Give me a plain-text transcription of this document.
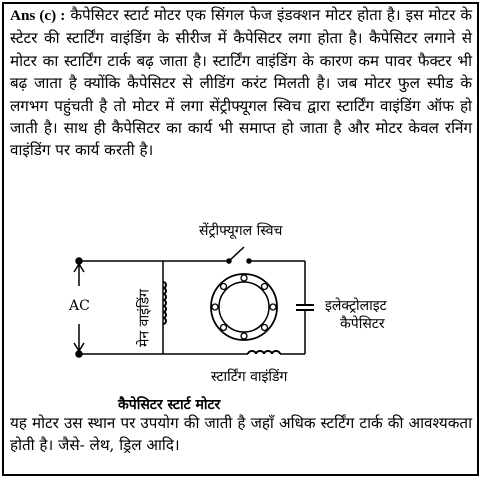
Ans (c) : कैपेसिटर स्टार्ट मोटर एक सिंगल फेज इंडक्शन मोटर होता है। इस मोटर के स्टेटर की स्टार्टिंग वाइंडिंग के सीरीज में कैपेसिटर लगा होता है। कैपेसिटर लगाने से मोटर का स्टार्टिंग टार्क बढ़ जाता है। स्टार्टिंग वाइंडिंग के कारण कम पावर फैक्टर भी बढ़ जाता है क्योंकि कैपेसिटर से लीडिंग करंट मिलती है। जब मोटर फुल स्पीड के लगभग पहुंचती है तो मोटर में लगा सेंट्रीफ्यूगल स्विच द्वारा स्टार्टिंग वाइंडिंग ऑफ हो जाती है। साथ ही कैपेसिटर का कार्य भी समाप्त हो जाता है और मोटर केवल रनिंग वाइंडिंग पर कार्य करती है।

सेंट्रीफ्यूगल स्विच
AC	मेन वाइंडिंग	इलेक्ट्रोलाइट
कैपेसिटर
स्टार्टिंग वाइंडिंग
कैपेसिटर स्टार्ट मोटर

यह मोटर उस स्थान पर उपयोग की जाती है जहाँ अधिक स्टर्टिंग टार्क की आवश्यकता होती है। जैसे- लेथ, ड्रिल आदि।
